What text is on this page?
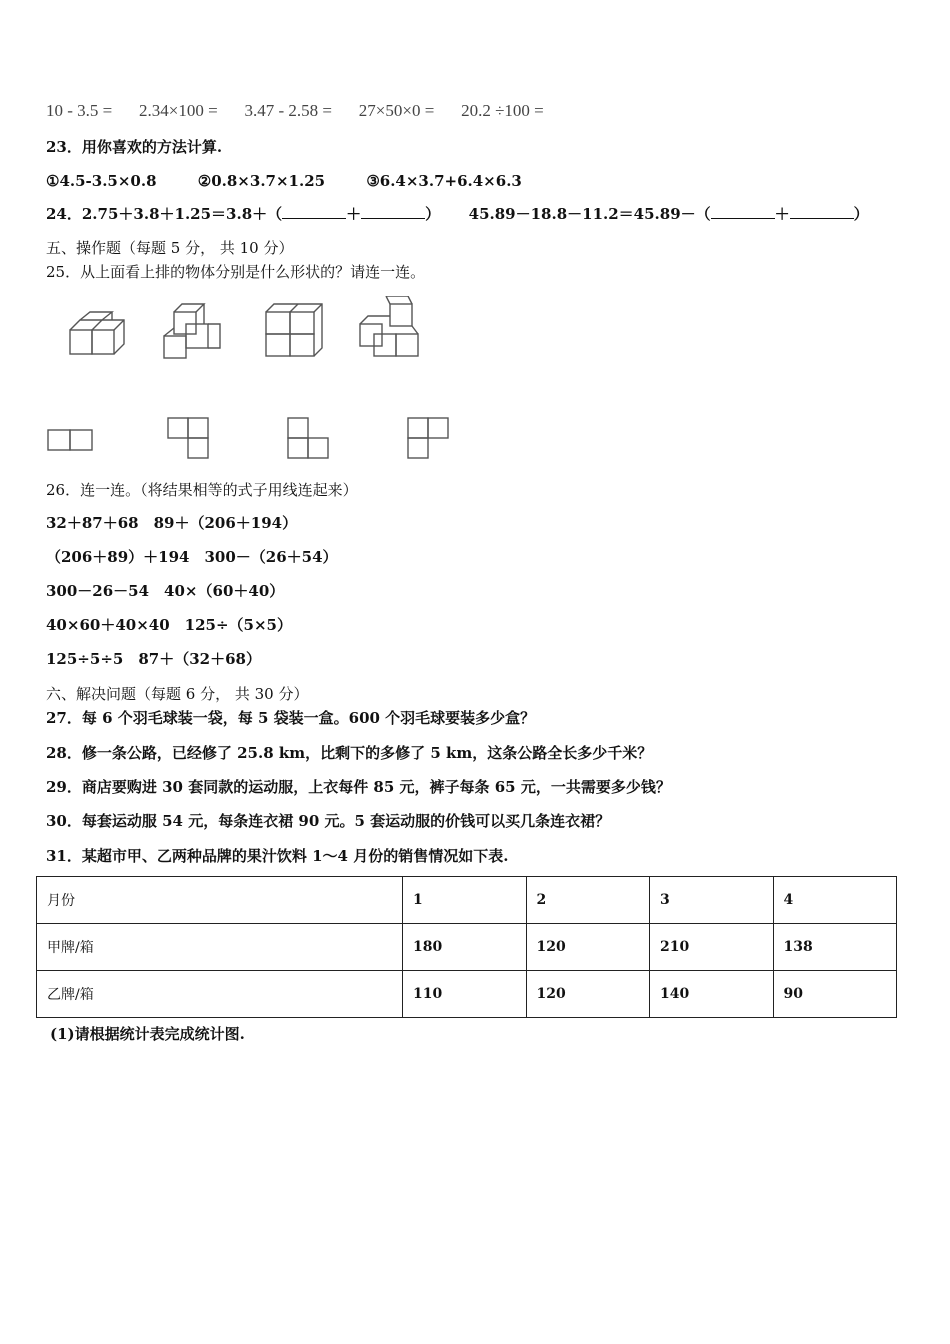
10 - 3.5 = 2.34×100 = 3.47 - 2.58 = 27×50×0 = 20.2 ÷100 =
23．用你喜欢的方法计算.
①4.5-3.5×0.8	②0.8×3.7×1.25	③6.4×3.7+6.4×6.3
24．2.75＋3.8＋1.25＝3.8＋（	＋	） 45.89－18.8－11.2＝45.89－（	＋	）
五、操作题（每题 5 分， 共 10 分）
25．从上面看上排的物体分别是什么形状的？请连一连。
26．连一连。（将结果相等的式子用线连起来）
32＋87＋68　89＋（206＋194）
（206＋89）＋194　300－（26＋54）
300－26－54　40×（60＋40）
40×60＋40×40　125÷（5×5）
125÷5÷5　87＋（32＋68）
六、解决问题（每题 6 分， 共 30 分）
27．每 6 个羽毛球装一袋，每 5 袋装一盒。600 个羽毛球要装多少盒？
28．修一条公路，已经修了 25.8 km，比剩下的多修了 5 km，这条公路全长多少千米？
29．商店要购进 30 套同款的运动服，上衣每件 85 元，裤子每条 65 元，一共需要多少钱？
30．每套运动服 54 元，每条连衣裙 90 元。5 套运动服的价钱可以买几条连衣裙？
31．某超市甲、乙两种品牌的果汁饮料 1～4 月份的销售情况如下表.
月份	1	2	3	4
甲牌/箱	180	120	210	138
乙牌/箱	110	120	140	90
(1)请根据统计表完成统计图.
